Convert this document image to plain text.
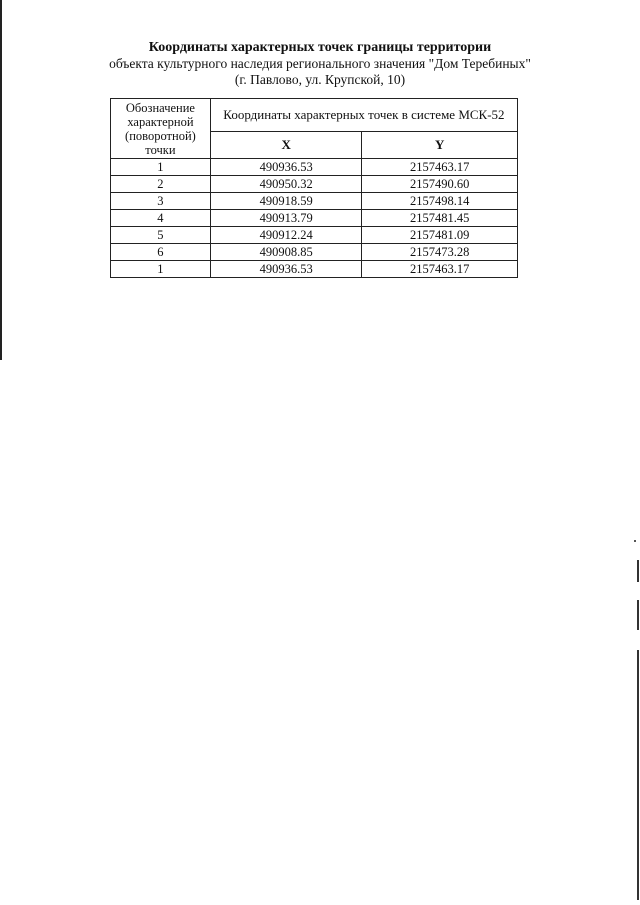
Координаты характерных точек границы территории

объекта культурного наследия регионального значения "Дом Теребиных"

(г. Павлово, ул. Крупской, 10)

Обозначение характерной (поворотной) точки	Координаты характерных точек в системе МСК-52	
	X	Y
1	490936.53	2157463.17
2	490950.32	2157490.60
3	490918.59	2157498.14
4	490913.79	2157481.45
5	490912.24	2157481.09
6	490908.85	2157473.28
1	490936.53	2157463.17
